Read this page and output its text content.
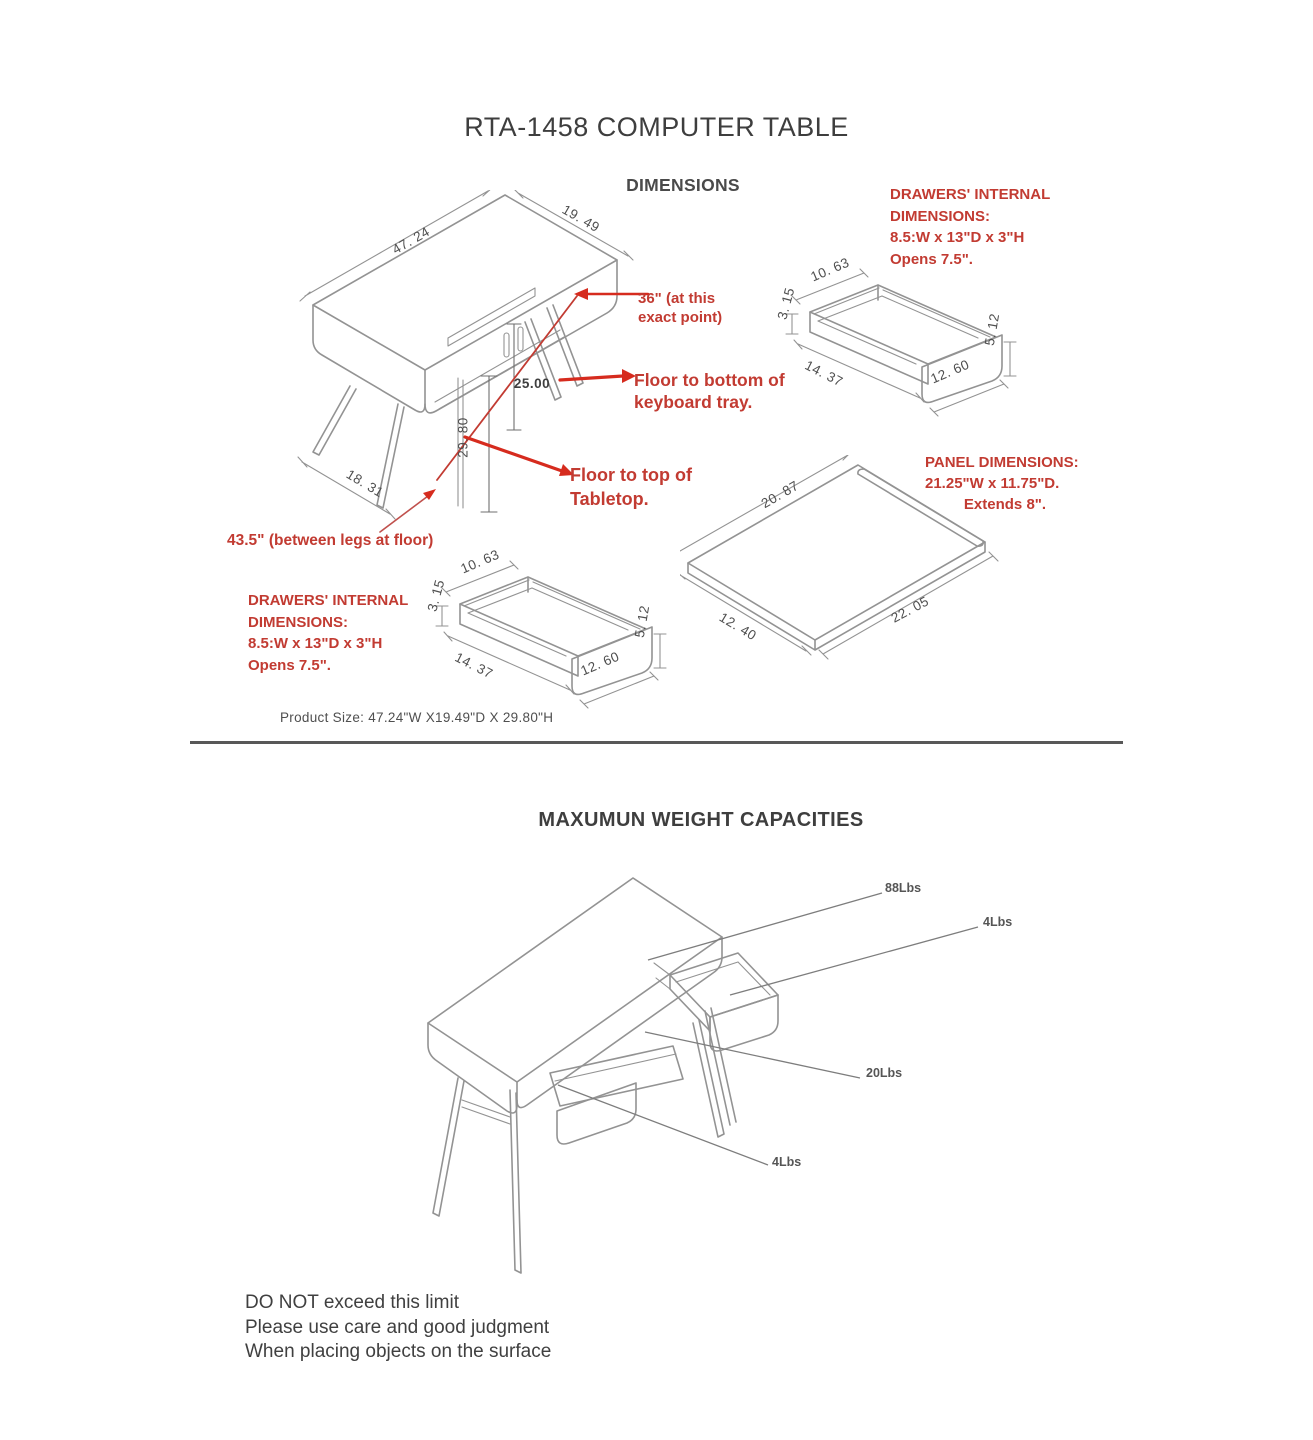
RTA-1458 COMPUTER TABLE
DIMENSIONS	DRAWERS' INTERNAL
DIMENSIONS:
8.5:W x 13"D x 3"H
Opens 7.5".
47. 24
19. 49
18. 31
29. 80
25.00
36" (at this
exact point)
Floor to bottom of
keyboard tray.
Floor to top of
Tabletop.
43.5" (between legs at floor)
10. 63
3. 15
14. 37	12. 60
5. 12
PANEL DIMENSIONS:
21.25"W x 11.75"D.
Extends 8".
20. 87
12. 40
22. 05
DRAWERS' INTERNAL
DIMENSIONS:
8.5:W x 13"D x 3"H
Opens 7.5".
10. 63
3. 15
14. 37	12. 60
5. 12
Product Size: 47.24"W X19.49"D X 29.80"H
MAXUMUN WEIGHT CAPACITIES
88Lbs
4Lbs
20Lbs
4Lbs
DO NOT exceed this limit
Please use care and good judgment
When placing objects on the surface
